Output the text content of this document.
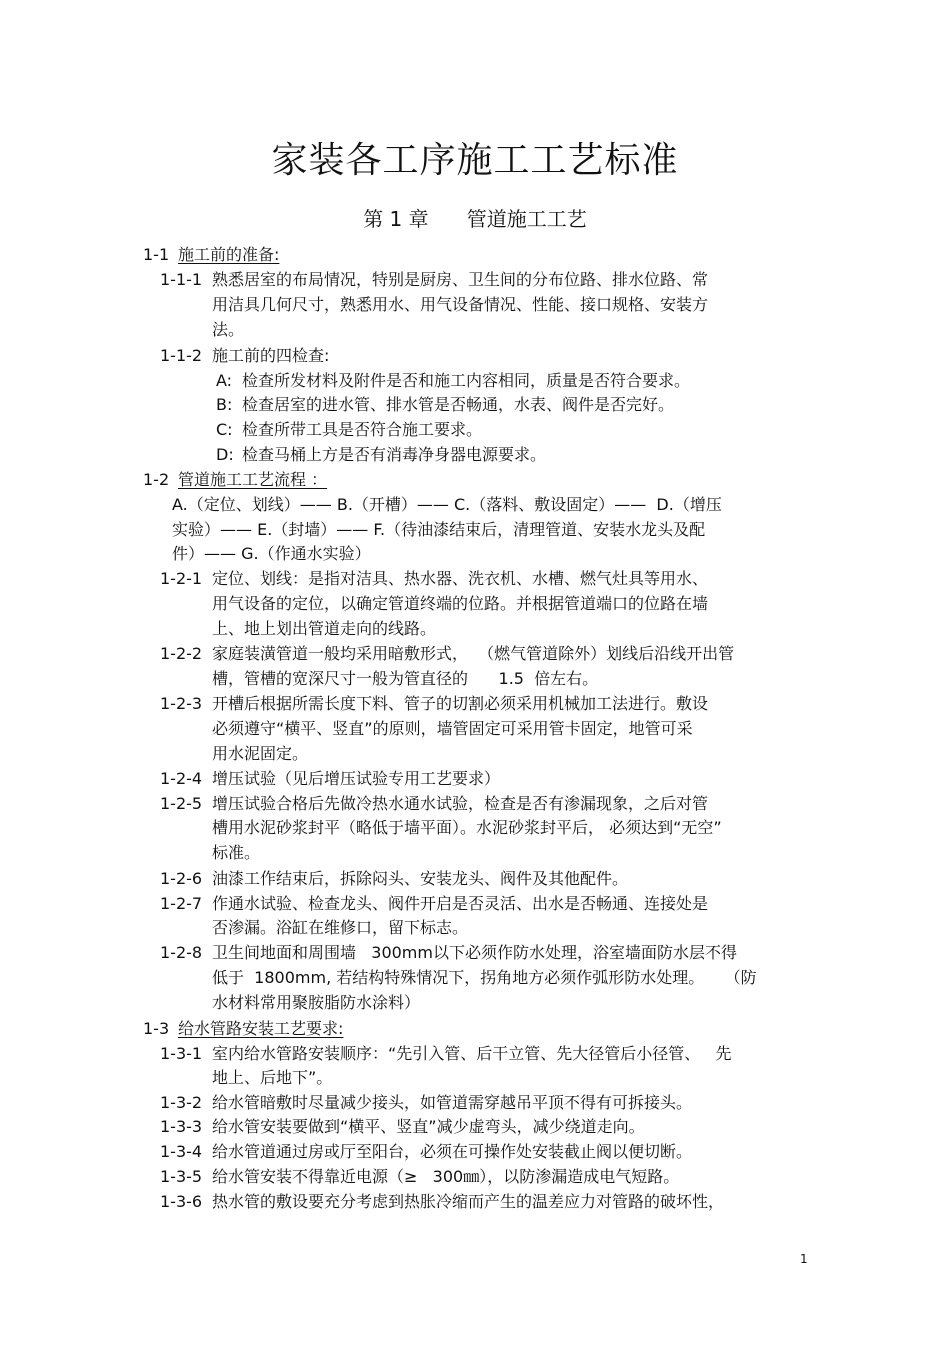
家装各工序施工工艺标准
第 1 章      管道施工工艺
1-1 施工前的准备:
1-1-1 熟悉居室的布局情况，特别是厨房、卫生间的分布位路、排水位路、常
用洁具几何尺寸，熟悉用水、用气设备情况、性能、接口规格、安装方
法。
1-1-2 施工前的四检查:
A: 检查所发材料及附件是否和施工内容相同，质量是否符合要求。
B: 检查居室的进水管、排水管是否畅通，水表、阀件是否完好。
C: 检查所带工具是否符合施工要求。
D: 检查马桶上方是否有消毒净身器电源要求。
1-2 管道施工工艺流程 ：
A.（定位、划线）—— B.（开槽）—— C.（落料、敷设固定）——  D.（增压
实验）—— E.（封墙）—— F.（待油漆结束后，清理管道、安装水龙头及配
件）—— G.（作通水实验）
1-2-1 定位、划线：是指对洁具、热水器、洗衣机、水槽、燃气灶具等用水、
用气设备的定位，以确定管道终端的位路。并根据管道端口的位路在墙
上、地上划出管道走向的线路。
1-2-2 家庭装潢管道一般均采用暗敷形式，  （燃气管道除外）划线后沿线开出管
槽，管槽的宽深尺寸一般为管直径的      1.5  倍左右。
1-2-3 开槽后根据所需长度下料、管子的切割必须采用机械加工法进行。敷设
必须遵守“横平、竖直”的原则，墙管固定可采用管卡固定，地管可采
用水泥固定。
1-2-4 增压试验（见后增压试验专用工艺要求）
1-2-5 增压试验合格后先做冷热水通水试验，检查是否有渗漏现象，之后对管
槽用水泥砂浆封平（略低于墙平面）。水泥砂浆封平后， 必须达到“无空”
标准。
1-2-6 油漆工作结束后，拆除闷头、安装龙头、阀件及其他配件。
1-2-7 作通水试验、检查龙头、阀件开启是否灵活、出水是否畅通、连接处是
否渗漏。浴缸在维修口，留下标志。
1-2-8 卫生间地面和周围墙   300mm以下必须作防水处理，浴室墙面防水层不得
低于  1800mm, 若结构特殊情况下，拐角地方必须作弧形防水处理。    （防
水材料常用聚胺脂防水涂料）
1-3 给水管路安装工艺要求:
1-3-1 室内给水管路安装顺序：“先引入管、后干立管、先大径管后小径管、   先
地上、后地下”。
1-3-2 给水管暗敷时尽量减少接头，如管道需穿越吊平顶不得有可拆接头。
1-3-3 给水管安装要做到“横平、竖直”减少虚弯头，减少绕道走向。
1-3-4 给水管道通过房或厅至阳台，必须在可操作处安装截止阀以便切断。
1-3-5 给水管安装不得靠近电源（≥   300㎜），以防渗漏造成电气短路。
1-3-6 热水管的敷设要充分考虑到热胀冷缩而产生的温差应力对管路的破坏性，
1
